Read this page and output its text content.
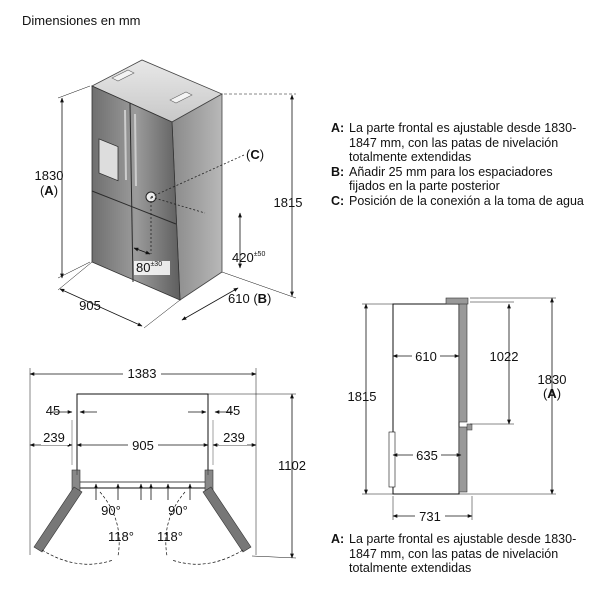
Dimensiones en mm
A: La parte frontal es ajustable desde 1830-1847 mm, con las patas de nivelación totalmente extendidas
B: Añadir 25 mm para los espaciadores fijados en la parte posterior
C: Posición de la conexión a la toma de agua
A: La parte frontal es ajustable desde 1830-1847 mm, con las patas de nivelación totalmente extendidas
1830
(A)
1815
905	610 (B)
(C)
$420^{\pm 50}$
$80^{\pm 30}$
1383
45	45
239	239
905
1102
90°	90°
118° 118°
1815
610
635
1022
1830
(A)
731
